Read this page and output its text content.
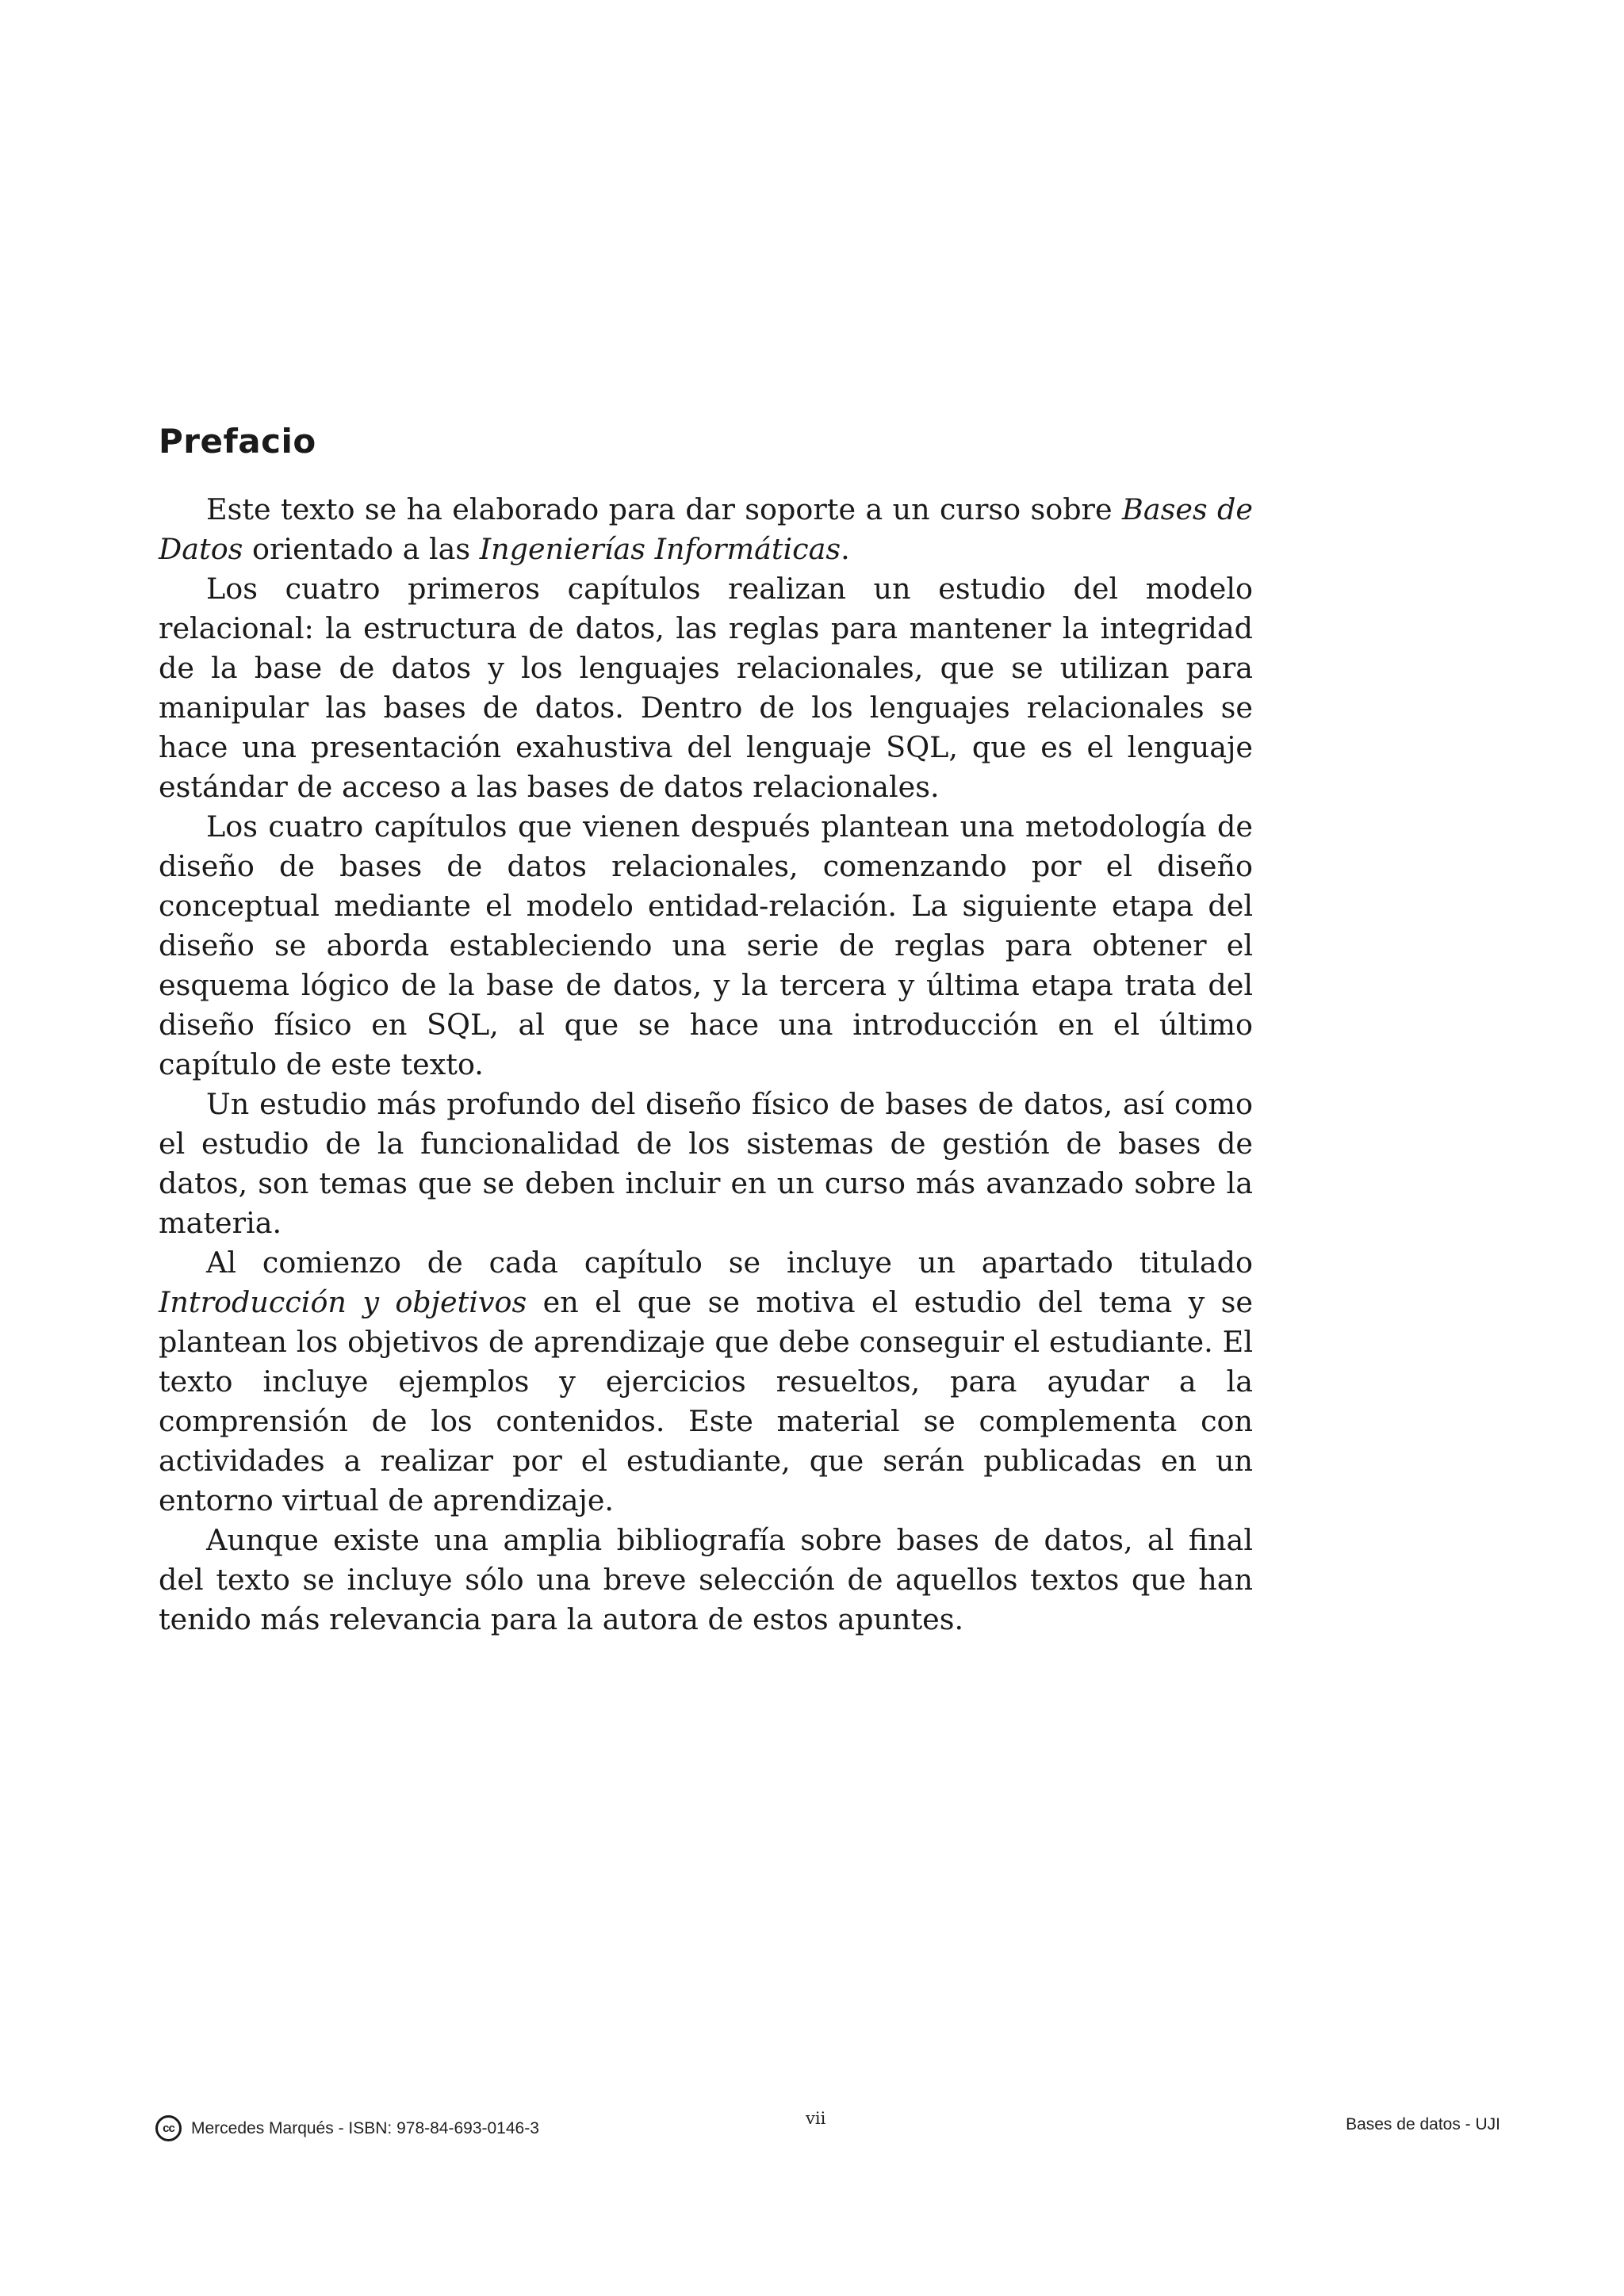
Prefacio

Este texto se ha elaborado para dar soporte a un curso sobre Bases de Datos orientado a las Ingenierías Informáticas.

Los cuatro primeros capítulos realizan un estudio del modelo relacional: la estructura de datos, las reglas para mantener la integridad de la base de datos y los lenguajes relacionales, que se utilizan para manipular las bases de datos. Dentro de los lenguajes relacionales se hace una presentación exahustiva del lenguaje SQL, que es el lenguaje estándar de acceso a las bases de datos relacionales.

Los cuatro capítulos que vienen después plantean una metodología de diseño de bases de datos relacionales, comenzando por el diseño conceptual mediante el modelo entidad-relación. La siguiente etapa del diseño se aborda estableciendo una serie de reglas para obtener el esquema lógico de la base de datos, y la tercera y última etapa trata del diseño físico en SQL, al que se hace una introducción en el último capítulo de este texto.

Un estudio más profundo del diseño físico de bases de datos, así como el estudio de la funcionalidad de los sistemas de gestión de bases de datos, son temas que se deben incluir en un curso más avanzado sobre la materia.

Al comienzo de cada capítulo se incluye un apartado titulado Introducción y objetivos en el que se motiva el estudio del tema y se plantean los objetivos de aprendizaje que debe conseguir el estudiante. El texto incluye ejemplos y ejercicios resueltos, para ayudar a la comprensión de los contenidos. Este material se complementa con actividades a realizar por el estudiante, que serán publicadas en un entorno virtual de aprendizaje.

Aunque existe una amplia bibliografía sobre bases de datos, al final del texto se incluye sólo una breve selección de aquellos textos que han tenido más relevancia para la autora de estos apuntes.

cc	Mercedes Marqués - ISBN: 978-84-693-0146-3	vii	Bases de datos - UJI
